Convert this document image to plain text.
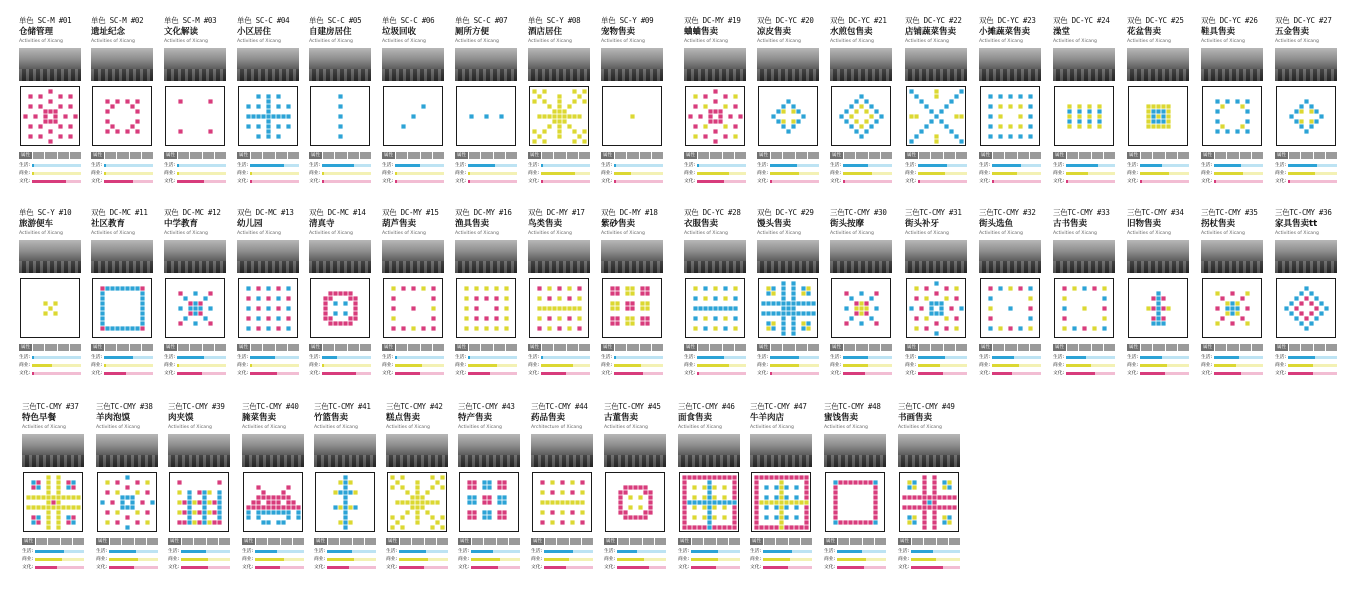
单色 SC-M #01
仓储管理
Activities of Xicang
属性
生活:
商业:
文化:
单色 SC-M #02
遗址纪念
Activities of Xicang
属性
生活:
商业:
文化:
单色 SC-M #03
文化解读
Activities of Xicang
属性
生活:
商业:
文化:
单色 SC-C #04
小区居住
Activities of Xicang
属性
生活:
商业:
文化:
单色 SC-C #05
自建房居住
Activities of Xicang
属性
生活:
商业:
文化:
单色 SC-C #06
垃圾回收
Activities of Xicang
属性
生活:
商业:
文化:
单色 SC-C #07
厕所方便
Activities of Xicang
属性
生活:
商业:
文化:
单色 SC-Y #08
酒店居住
Activities of Xicang
属性
生活:
商业:
文化:
单色 SC-Y #09
宠物售卖
Activities of Xicang
属性
生活:
商业:
文化:
单色 SC-Y #10
旅游便车
Activities of Xicang
属性
生活:
商业:
文化:
双色 DC-MC #11
社区教育
Activities of Xicang
属性
生活:
商业:
文化:
双色 DC-MC #12
中学教育
Activities of Xicang
属性
生活:
商业:
文化:
双色 DC-MC #13
幼儿园
Activities of Xicang
属性
生活:
商业:
文化:
双色 DC-MC #14
清真寺
Activities of Xicang
属性
生活:
商业:
文化:
双色 DC-MY #15
葫芦售卖
Activities of Xicang
属性
生活:
商业:
文化:
双色 DC-MY #16
渔具售卖
Activities of Xicang
属性
生活:
商业:
文化:
双色 DC-MY #17
鸟类售卖
Activities of Xicang
属性
生活:
商业:
文化:
双色 DC-MY #18
紫砂售卖
Activities of Xicang
属性
生活:
商业:
文化:
双色 DC-MY #19
蛐蛐售卖
Activities of Xicang
属性
生活:
商业:
文化:
双色 DC-YC #20
凉皮售卖
Activities of Xicang
属性
生活:
商业:
文化:
双色 DC-YC #21
水煎包售卖
Activities of Xicang
属性
生活:
商业:
文化:
双色 DC-YC #22
店铺蔬菜售卖
Activities of Xicang
属性
生活:
商业:
文化:
双色 DC-YC #23
小摊蔬菜售卖
Activities of Xicang
属性
生活:
商业:
文化:
双色 DC-YC #24
澡堂
Activities of Xicang
属性
生活:
商业:
文化:
双色 DC-YC #25
花盆售卖
Activities of Xicang
属性
生活:
商业:
文化:
双色 DC-YC #26
鞋具售卖
Activities of Xicang
属性
生活:
商业:
文化:
双色 DC-YC #27
五金售卖
Activities of Xicang
属性
生活:
商业:
文化:
双色 DC-YC #28
衣服售卖
Activities of Xicang
属性
生活:
商业:
文化:
双色 DC-YC #29
馒头售卖
Activities of Xicang
属性
生活:
商业:
文化:
三色TC-CMY #30
街头按摩
Activities of Xicang
属性
生活:
商业:
文化:
三色TC-CMY #31
街头补牙
Activities of Xicang
属性
生活:
商业:
文化:
三色TC-CMY #32
街头选鱼
Activities of Xicang
属性
生活:
商业:
文化:
三色TC-CMY #33
古书售卖
Activities of Xicang
属性
生活:
商业:
文化:
三色TC-CMY #34
旧物售卖
Activities of Xicang
属性
生活:
商业:
文化:
三色TC-CMY #35
拐杖售卖
Activities of Xicang
属性
生活:
商业:
文化:
三色TC-CMY #36
家具售卖tt
Activities of Xicang
属性
生活:
商业:
文化:
三色TC-CMY #37
特色早餐
Activities of Xicang
属性
生活:
商业:
文化:
三色TC-CMY #38
羊肉泡馍
Activities of Xicang
属性
生活:
商业:
文化:
三色TC-CMY #39
肉夹馍
Activities of Xicang
属性
生活:
商业:
文化:
三色TC-CMY #40
腌菜售卖
Activities of Xicang
属性
生活:
商业:
文化:
三色TC-CMY #41
竹篮售卖
Activities of Xicang
属性
生活:
商业:
文化:
三色TC-CMY #42
糕点售卖
Activities of Xicang
属性
生活:
商业:
文化:
三色TC-CMY #43
特产售卖
Activities of Xicang
属性
生活:
商业:
文化:
三色TC-CMY #44
药品售卖
Architecture of Xicang
属性
生活:
商业:
文化:
三色TC-CMY #45
古董售卖
Activities of Xicang
属性
生活:
商业:
文化:
三色TC-CMY #46
面食售卖
Activities of Xicang
属性
生活:
商业:
文化:
三色TC-CMY #47
牛羊肉店
Activities of Xicang
属性
生活:
商业:
文化:
三色TC-CMY #48
蜜饯售卖
Activities of Xicang
属性
生活:
商业:
文化:
三色TC-CMY #49
书画售卖
Activities of Xicang
属性
生活:
商业:
文化:
